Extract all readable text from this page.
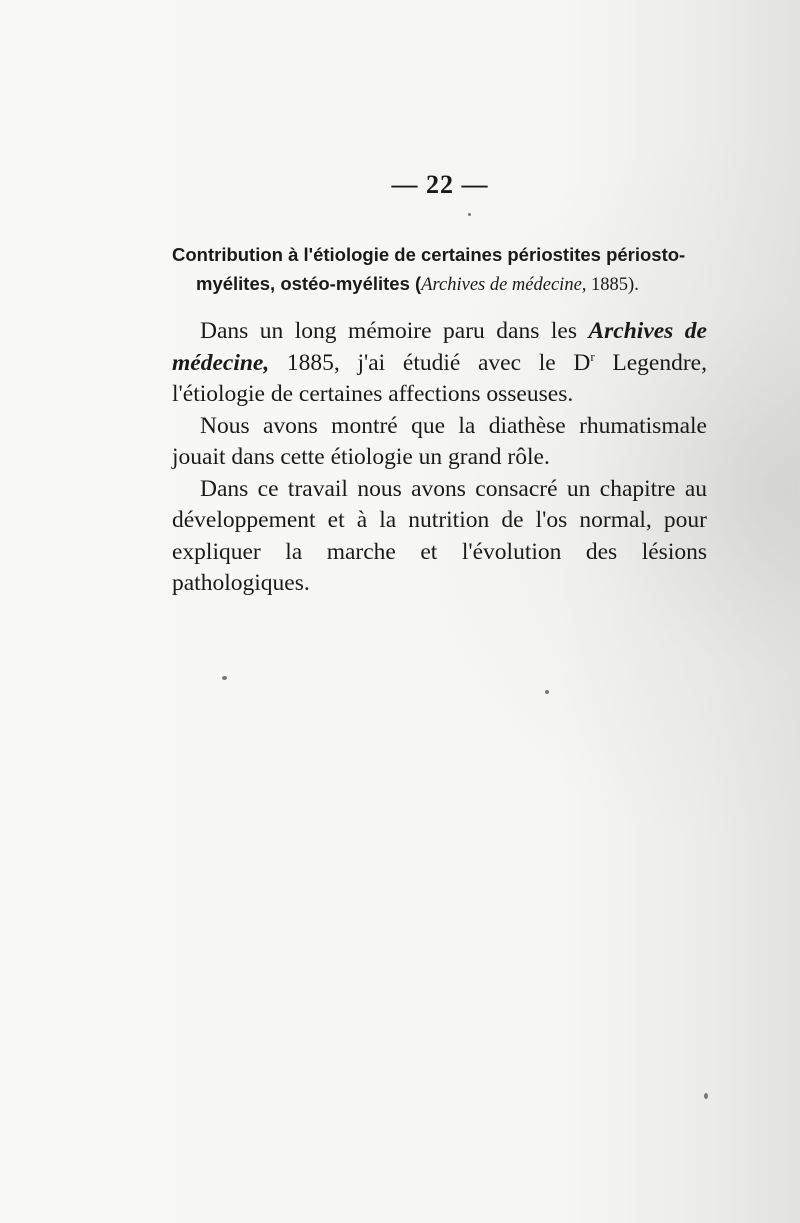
— 22 —
Contribution à l'étiologie de certaines périostites périosto-
myélites, ostéo-myélites (Archives de médecine, 1885).

Dans un long mémoire paru dans les Archives de médecine, 1885, j'ai étudié avec le $D^r$ Legendre, l'étiologie de certaines affections osseuses.

Nous avons montré que la diathèse rhumatismale jouait dans cette étiologie un grand rôle.

Dans ce travail nous avons consacré un chapitre au développement et à la nutrition de l'os normal, pour expliquer la marche et l'évolution des lésions pathologiques.
